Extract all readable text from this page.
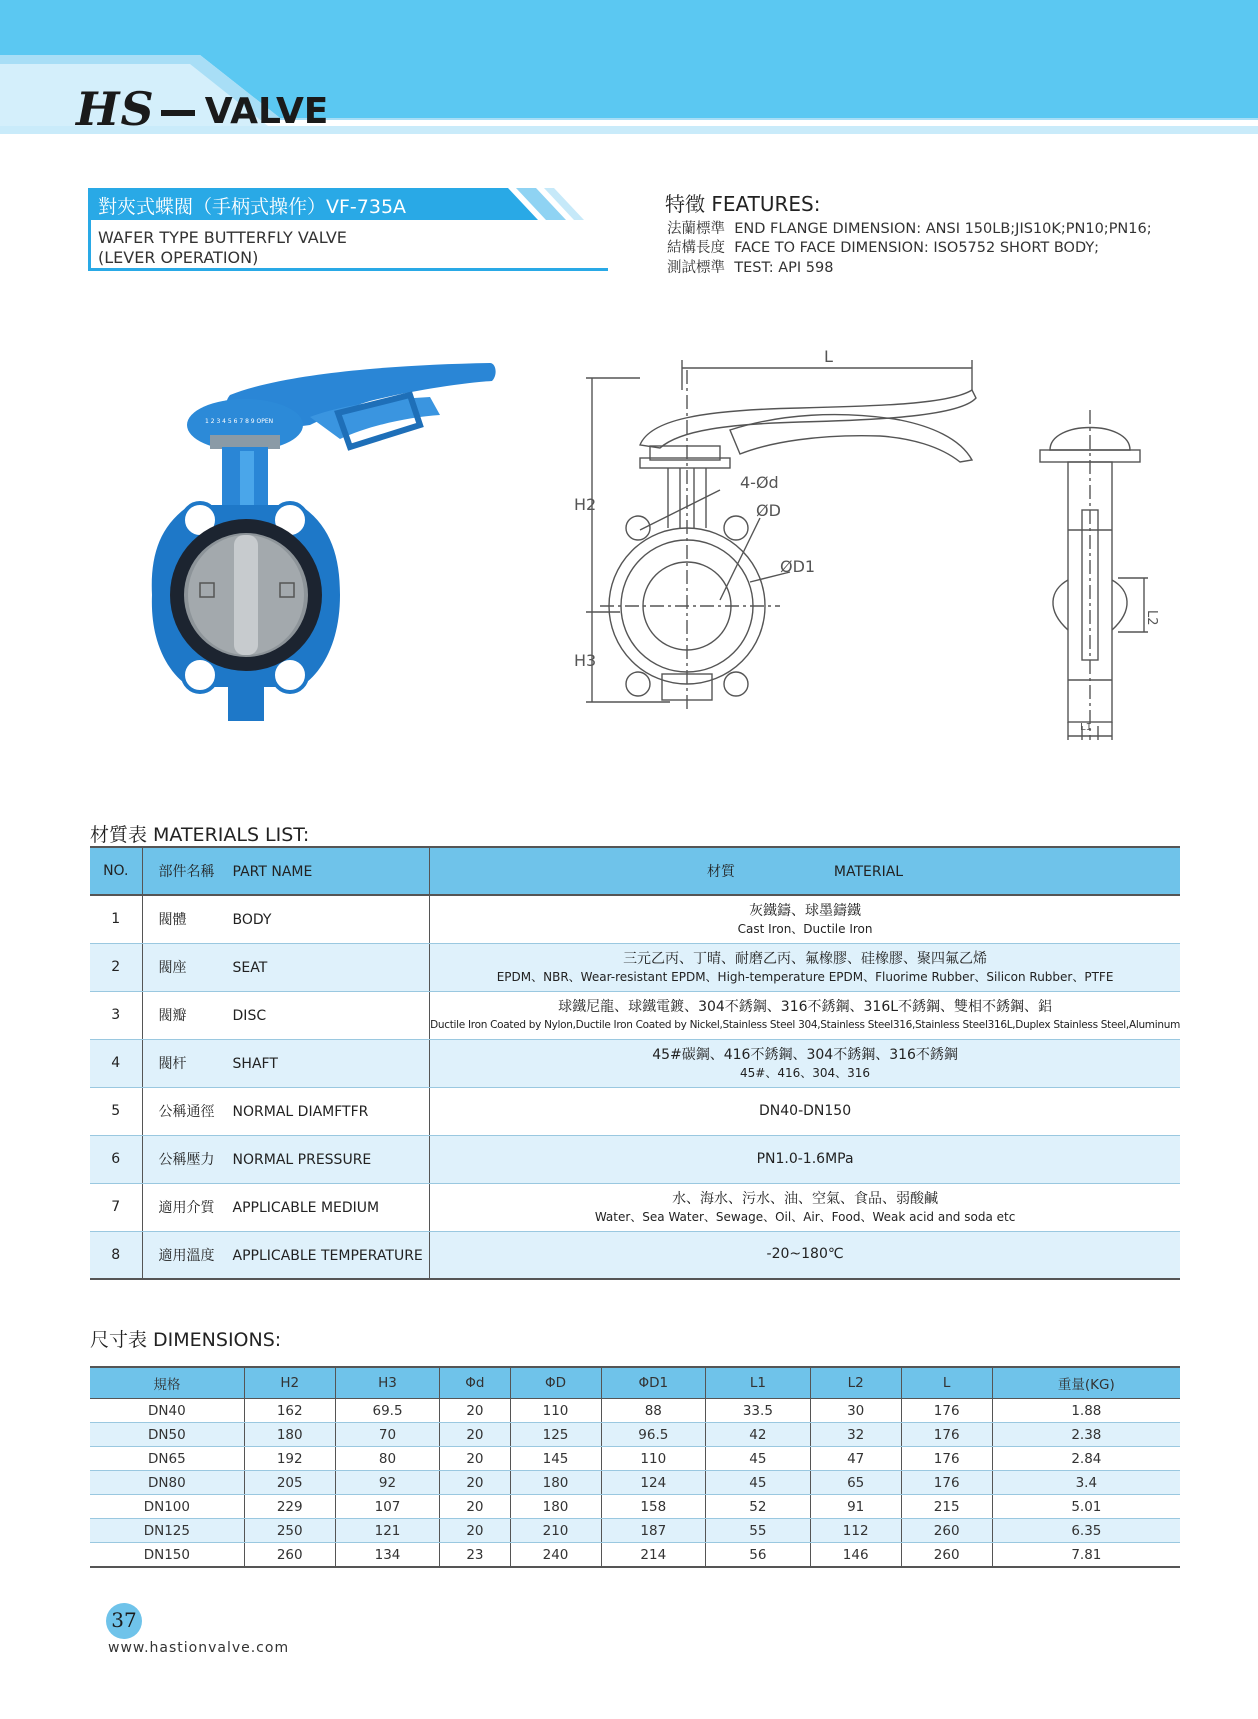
HS VALVE
對夾式蝶閥（手柄式操作）VF-735A
WAFER TYPE BUTTERFLY VALVE
(LEVER OPERATION)
特徵 FEATURES:
法蘭標準 END FLANGE DIMENSION: ANSI 150LB;JIS10K;PN10;PN16;
結構長度 FACE TO FACE DIMENSION: ISO5752 SHORT BODY;
測試標準 TEST: API 598
1 2 3 4 5 6 7 8 9 OPEN
L
H2
H3
4-Ød
ØD
ØD1
L2
L1
材質表 MATERIALS LIST:
NO.	部件名稱 PART NAME	材質 MATERIAL
1	閥體 BODY	灰鐵鑄、球墨鑄鐵
Cast Iron、Ductile Iron

2	閥座 SEAT	三元乙丙、丁晴、耐磨乙丙、氟橡膠、硅橡膠、聚四氟乙烯
EPDM、NBR、Wear-resistant EPDM、High-temperature EPDM、Fluorime Rubber、Silicon Rubber、PTFE

3	閥瓣 DISC	球鐵尼龍、球鐵電鍍、304不銹鋼、316不銹鋼、316L不銹鋼、雙相不銹鋼、鋁
Ductile Iron Coated by Nylon,Ductile Iron Coated by Nickel,Stainless Steel 304,Stainless Steel316,Stainless Steel316L,Duplex Stainless Steel,Aluminum

4	閥杆 SHAFT	45#碳鋼、416不銹鋼、304不銹鋼、316不銹鋼
45#、416、304、316

5	公稱通徑 NORMAL DIAMFTFR	DN40-DN150

6	公稱壓力 NORMAL PRESSURE	PN1.0-1.6MPa

7	適用介質 APPLICABLE MEDIUM	水、海水、污水、油、空氣、食品、弱酸鹹
Water、Sea Water、Sewage、Oil、Air、Food、Weak acid and soda etc

8	適用溫度 APPLICABLE TEMPERATURE	-20~180℃
尺寸表 DIMENSIONS:
規格	H2	H3	Φd	ΦD	ΦD1	L1	L2	L	重量(KG)
DN40	162	69.5	20	110	88	33.5	30	176	1.88
DN50	180	70	20	125	96.5	42	32	176	2.38
DN65	192	80	20	145	110	45	47	176	2.84
DN80	205	92	20	180	124	45	65	176	3.4
DN100	229	107	20	180	158	52	91	215	5.01
DN125	250	121	20	210	187	55	112	260	6.35
DN150	260	134	23	240	214	56	146	260	7.81
37
www.hastionvalve.com
